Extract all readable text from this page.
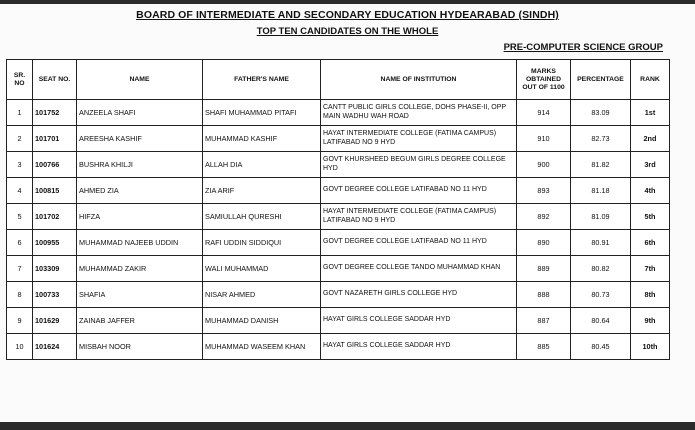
BOARD OF INTERMEDIATE AND SECONDARY EDUCATION HYDEARABAD (SINDH)
TOP TEN CANDIDATES ON THE WHOLE
PRE-COMPUTER SCIENCE GROUP
SR. NO	SEAT NO.	NAME	FATHER'S NAME	NAME OF INSTITUTION	MARKS OBTAINED OUT OF 1100	PERCENTAGE	RANK
1	101752	ANZEELA SHAFI	SHAFI MUHAMMAD PITAFI	CANTT PUBLIC GIRLS COLLEGE, DOHS PHASE-II, OPP MAIN WADHU WAH ROAD	914	83.09	1st
2	101701	AREESHA KASHIF	MUHAMMAD KASHIF	HAYAT INTERMEDIATE COLLEGE (FATIMA CAMPUS) LATIFABAD NO 9 HYD	910	82.73	2nd
3	100766	BUSHRA KHILJI	ALLAH DIA	GOVT KHURSHEED BEGUM GIRLS DEGREE COLLEGE HYD	900	81.82	3rd
4	100815	AHMED ZIA	ZIA ARIF	GOVT DEGREE COLLEGE LATIFABAD NO 11 HYD	893	81.18	4th
5	101702	HIFZA	SAMIULLAH QURESHI	HAYAT INTERMEDIATE COLLEGE (FATIMA CAMPUS) LATIFABAD NO 9 HYD	892	81.09	5th
6	100955	MUHAMMAD NAJEEB UDDIN	RAFI UDDIN SIDDIQUI	GOVT DEGREE COLLEGE LATIFABAD NO 11 HYD	890	80.91	6th
7	103309	MUHAMMAD ZAKIR	WALI MUHAMMAD	GOVT DEGREE COLLEGE TANDO MUHAMMAD KHAN	889	80.82	7th
8	100733	SHAFIA	NISAR AHMED	GOVT NAZARETH GIRLS COLLEGE HYD	888	80.73	8th
9	101629	ZAINAB JAFFER	MUHAMMAD DANISH	HAYAT GIRLS COLLEGE SADDAR HYD	887	80.64	9th
10	101624	MISBAH NOOR	MUHAMMAD WASEEM KHAN	HAYAT GIRLS COLLEGE SADDAR HYD	885	80.45	10th
